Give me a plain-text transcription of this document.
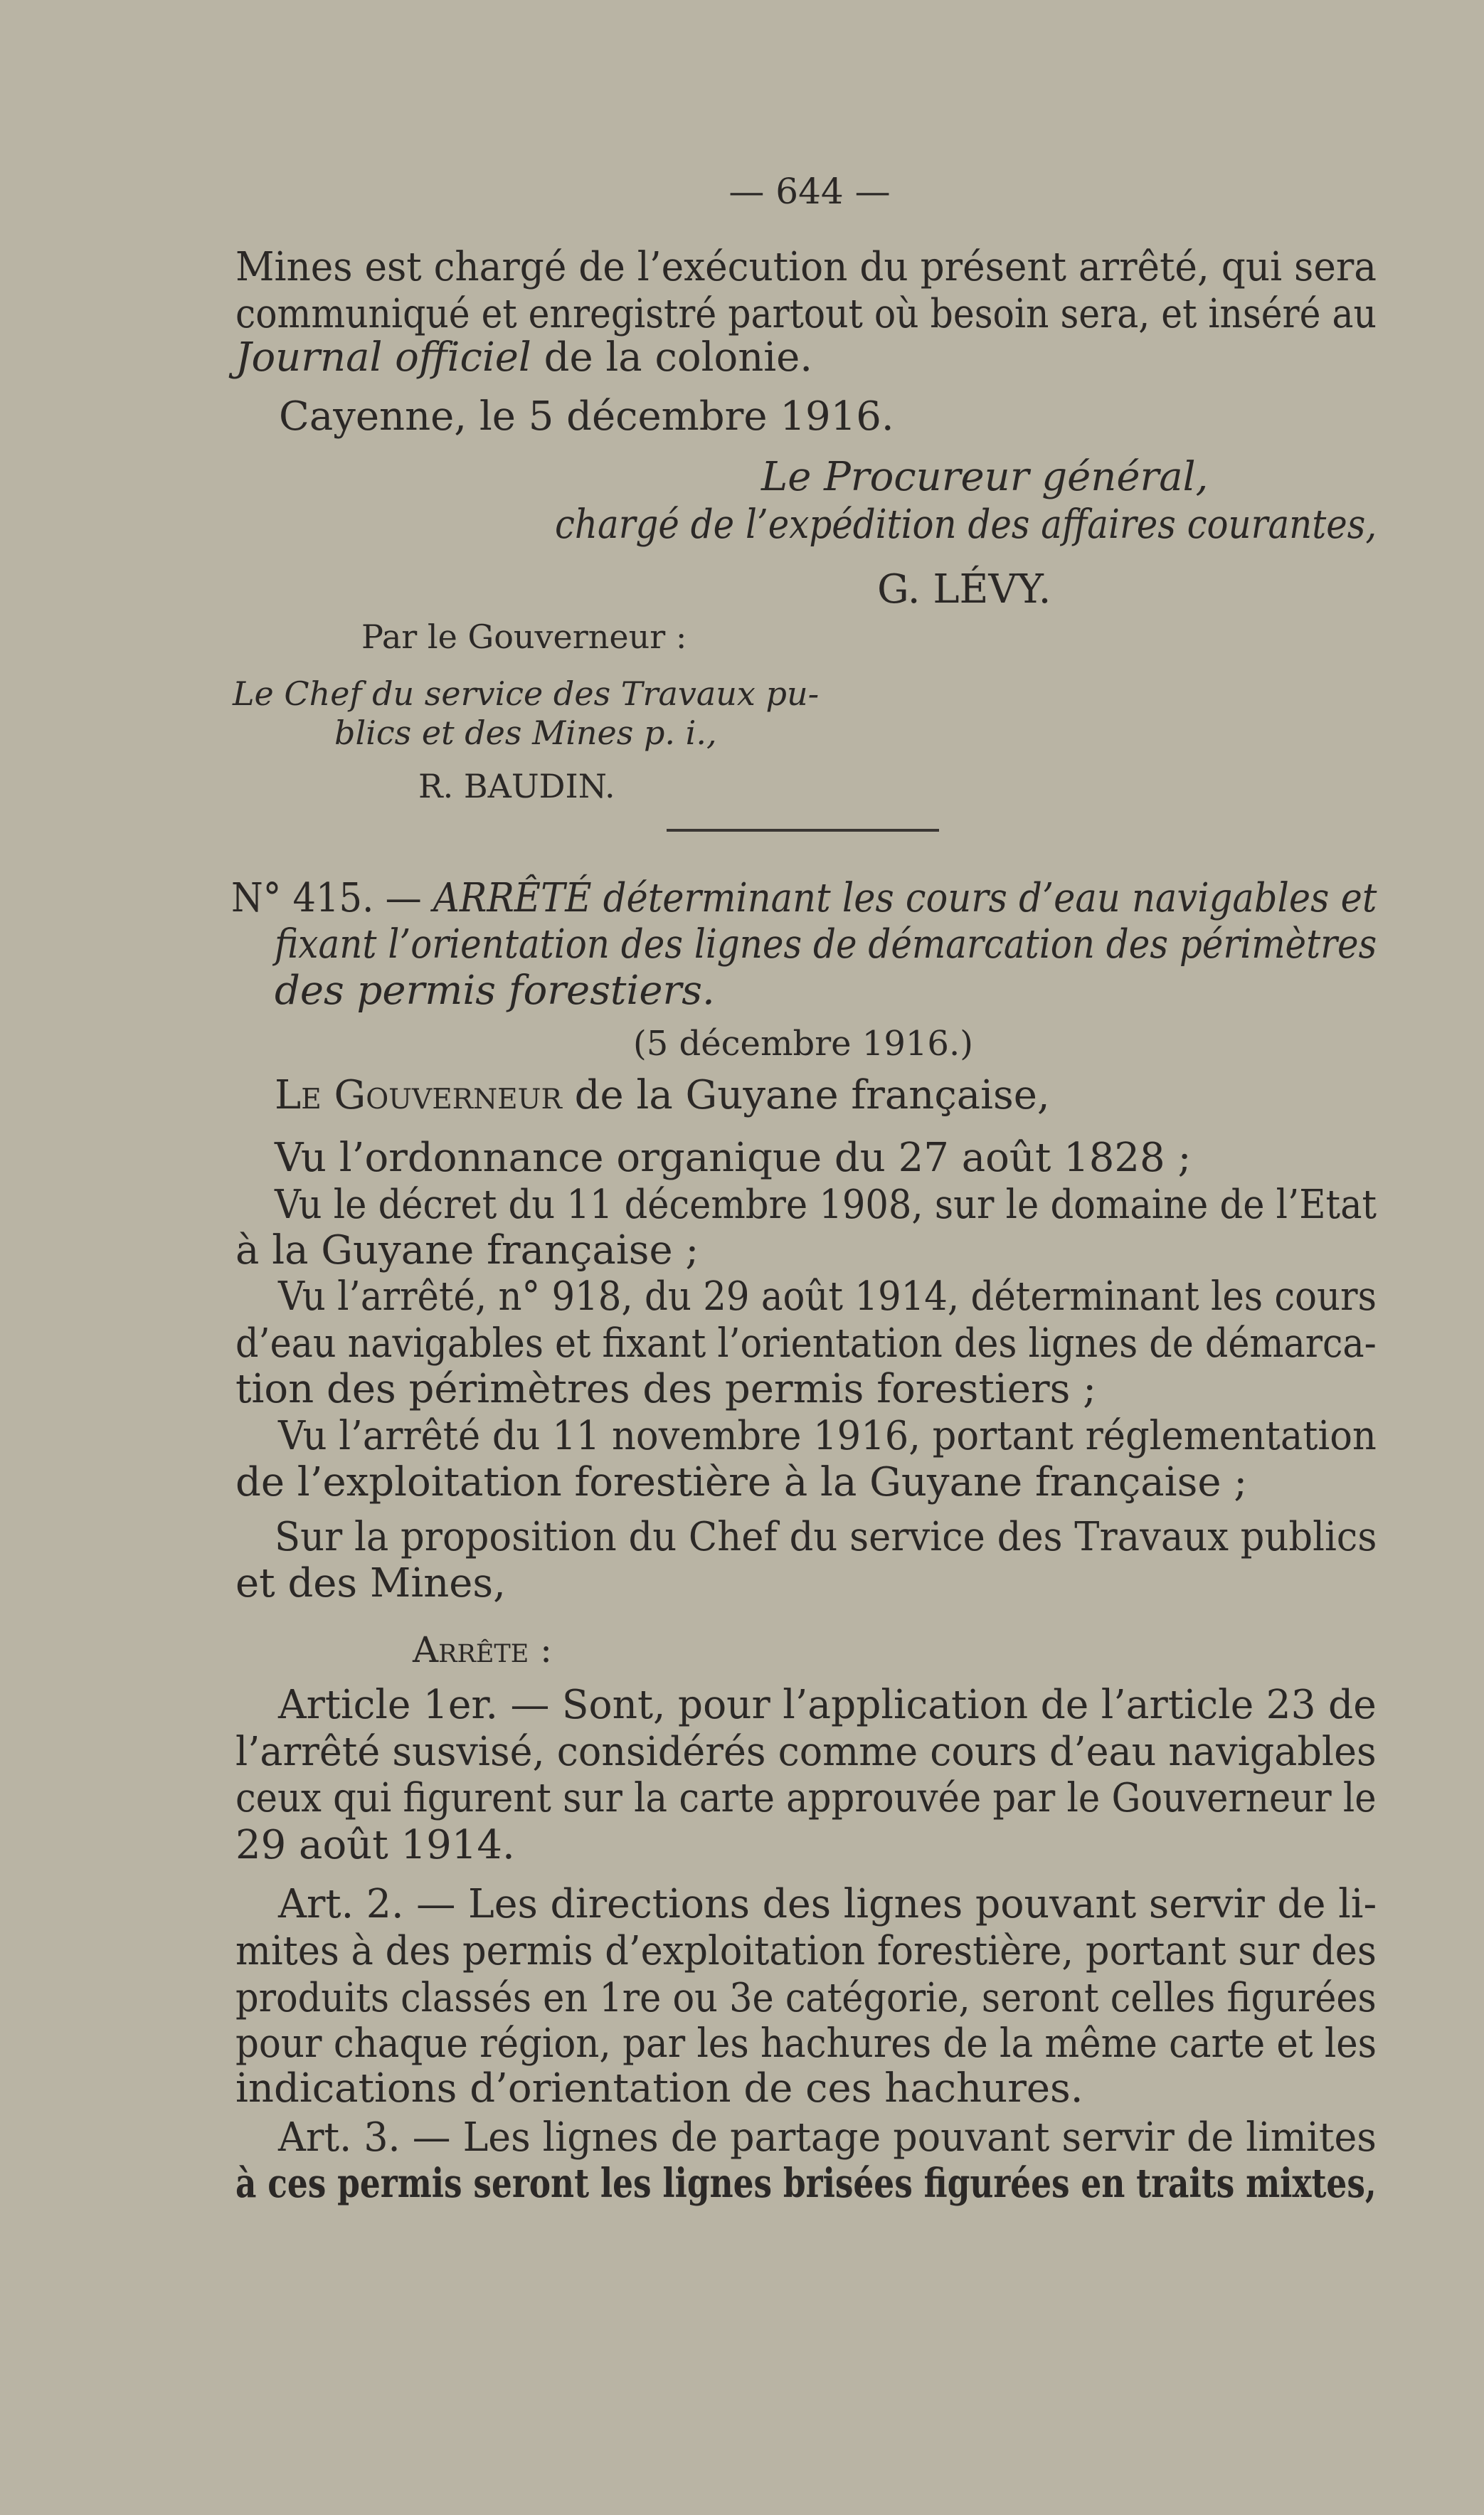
— 644 —
Mines est chargé de l’exécution du présent arrêté, qui sera
communiqué et enregistré partout où besoin sera, et inséré au
Journal officiel de la colonie.
Cayenne, le 5 décembre 1916.
Le Procureur général,
chargé de l’expédition des affaires courantes,
G. LÉVY.
Par le Gouverneur :
Le Chef du service des Travaux pu-
blics et des Mines p. i.,
R. BAUDIN.
N° 415. — ARRÊTÉ déterminant les cours d’eau navigables et
fixant l’orientation des lignes de démarcation des périmètres
des permis forestiers.
(5 décembre 1916.)
Le Gouverneur de la Guyane française,
Vu l’ordonnance organique du 27 août 1828 ;
Vu le décret du 11 décembre 1908, sur le domaine de l’Etat
à la Guyane française ;
Vu l’arrêté, n° 918, du 29 août 1914, déterminant les cours
d’eau navigables et fixant l’orientation des lignes de démarca-
tion des périmètres des permis forestiers ;
Vu l’arrêté du 11 novembre 1916, portant réglementation
de l’exploitation forestière à la Guyane française ;
Sur la proposition du Chef du service des Travaux publics
et des Mines,
Arrête :
Article 1er. — Sont, pour l’application de l’article 23 de
l’arrêté susvisé, considérés comme cours d’eau navigables
ceux qui figurent sur la carte approuvée par le Gouverneur le
29 août 1914.
Art. 2. — Les directions des lignes pouvant servir de li-
mites à des permis d’exploitation forestière, portant sur des
produits classés en 1re ou 3e catégorie, seront celles figurées
pour chaque région, par les hachures de la même carte et les
indications d’orientation de ces hachures.
Art. 3. — Les lignes de partage pouvant servir de limites
à ces permis seront les lignes brisées figurées en traits mixtes,
